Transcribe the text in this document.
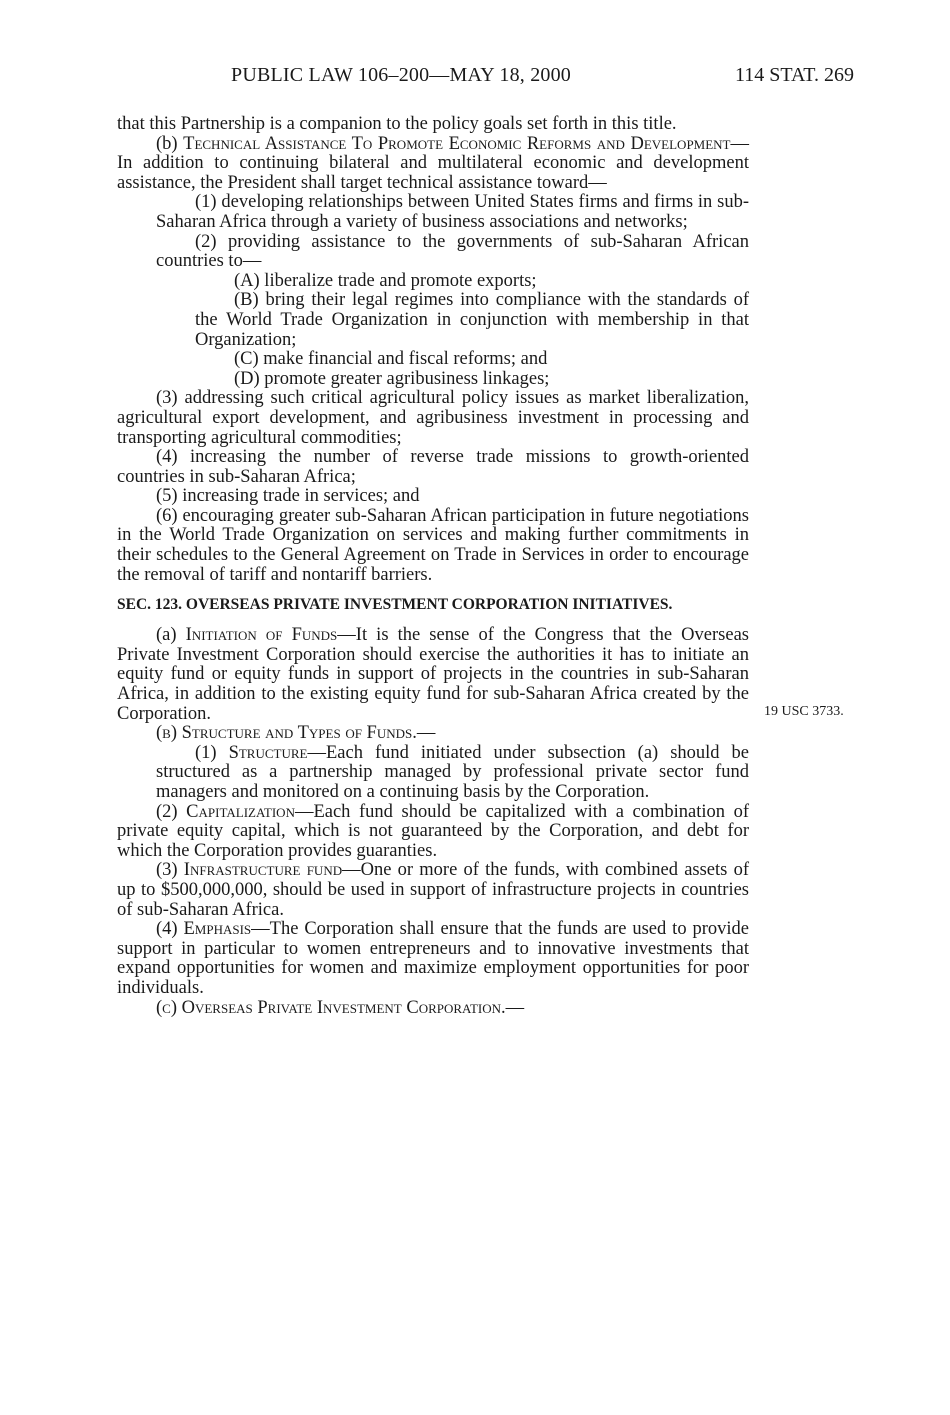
PUBLIC LAW 106–200—MAY 18, 2000	114 STAT. 269
19 USC 3733.

that this Partnership is a companion to the policy goals set forth in this title.

(b) Technical Assistance To Promote Economic Reforms and Development—In addition to continuing bilateral and multilateral economic and development assistance, the President shall target technical assistance toward—

(1) developing relationships between United States firms and firms in sub-Saharan Africa through a variety of business associations and networks;

(2) providing assistance to the governments of sub-Saharan African countries to—

(A) liberalize trade and promote exports;

(B) bring their legal regimes into compliance with the standards of the World Trade Organization in conjunction with membership in that Organization;

(C) make financial and fiscal reforms; and

(D) promote greater agribusiness linkages;

(3) addressing such critical agricultural policy issues as market liberalization, agricultural export development, and agribusiness investment in processing and transporting agricultural commodities;

(4) increasing the number of reverse trade missions to growth-oriented countries in sub-Saharan Africa;

(5) increasing trade in services; and

(6) encouraging greater sub-Saharan African participation in future negotiations in the World Trade Organization on services and making further commitments in their schedules to the General Agreement on Trade in Services in order to encourage the removal of tariff and nontariff barriers.

SEC. 123. OVERSEAS PRIVATE INVESTMENT CORPORATION INITIATIVES.

(a) Initiation of Funds—It is the sense of the Congress that the Overseas Private Investment Corporation should exercise the authorities it has to initiate an equity fund or equity funds in support of projects in the countries in sub-Saharan Africa, in addition to the existing equity fund for sub-Saharan Africa created by the Corporation.

(b) Structure and Types of Funds.—

(1) Structure—Each fund initiated under subsection (a) should be structured as a partnership managed by professional private sector fund managers and monitored on a continuing basis by the Corporation.

(2) Capitalization—Each fund should be capitalized with a combination of private equity capital, which is not guaranteed by the Corporation, and debt for which the Corporation provides guaranties.

(3) Infrastructure fund—One or more of the funds, with combined assets of up to $500,000,000, should be used in support of infrastructure projects in countries of sub-Saharan Africa.

(4) Emphasis—The Corporation shall ensure that the funds are used to provide support in particular to women entrepreneurs and to innovative investments that expand opportunities for women and maximize employment opportunities for poor individuals.

(c) Overseas Private Investment Corporation.—
